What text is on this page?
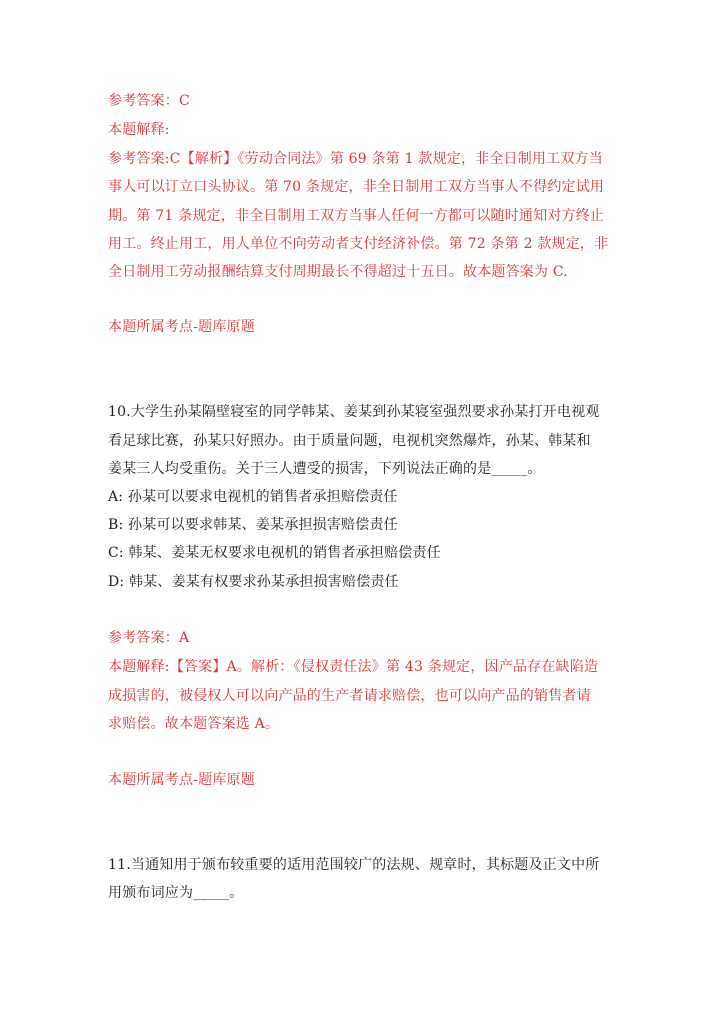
参考答案：C
本题解释:
参考答案:C【解析】《劳动合同法》第 69 条第 1 款规定，非全日制用工双方当
事人可以订立口头协议。第 70 条规定，非全日制用工双方当事人不得约定试用
期。第 71 条规定，非全日制用工双方当事人任何一方都可以随时通知对方终止
用工。终止用工，用人单位不向劳动者支付经济补偿。第 72 条第 2 款规定，非
全日制用工劳动报酬结算支付周期最长不得超过十五日。故本题答案为 C.
本题所属考点-题库原题
10.大学生孙某隔壁寝室的同学韩某、姜某到孙某寝室强烈要求孙某打开电视观
看足球比赛，孙某只好照办。由于质量问题，电视机突然爆炸，孙某、韩某和
姜某三人均受重伤。关于三人遭受的损害，下列说法正确的是_____。
A: 孙某可以要求电视机的销售者承担赔偿责任
B: 孙某可以要求韩某、姜某承担损害赔偿责任
C: 韩某、姜某无权要求电视机的销售者承担赔偿责任
D: 韩某、姜某有权要求孙某承担损害赔偿责任
参考答案：A
本题解释:【答案】A。解析：《侵权责任法》第 43 条规定，因产品存在缺陷造
成损害的，被侵权人可以向产品的生产者请求赔偿，也可以向产品的销售者请
求赔偿。故本题答案选 A。
本题所属考点-题库原题
11.当通知用于颁布较重要的适用范围较广的法规、规章时，其标题及正文中所
用颁布词应为_____。
